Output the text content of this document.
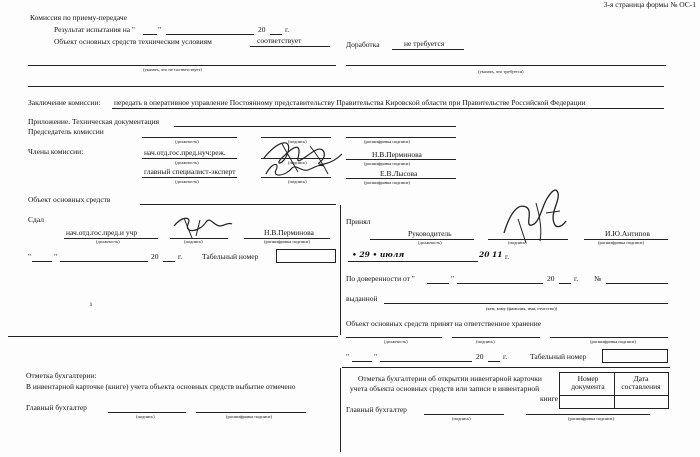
3-я страница формы № ОС-1
Комиссия по приему-передаче
Результат испытания на "	"	20	г.
Объект основных средств техническим условиям	соответствует	Доработка	не требуется
(указать, что не соответствует)	(указать, что требуется)
Заключение комиссии: передать в оперативное управление Постоянному представительству Правительства Кировской области при Правительстве Российской Федерации
Приложение. Техническая документация
Председатель комиссии
(должность)	(подпись)	(расшифровка подписи)
Члены комиссии:	нач.отд.гос.пред.нуч:реж.	Н.В.Перминова
(должность)	(подпись)	(расшифровка подписи)
главный специалист-эксперт	Е.В.Лысова
(должность)	(подпись)	(расшифровка подписи)
Объект основных средств
Сдал
нач.отд.гос.пред.и учр	Н.В.Перминова
(должность)	(подпись)	(расшифровка подписи)
"	"	20	г.	Табельный номер
ı
Принял
Руководитель	И.Ю.Антипов
(должность)	(подпись)	(расшифровка подписи)
• 29 • июля	20 11 г.
По доверенности от "	"	20	г. №
выданной
(кем, кому (фамилия, имя, отчество))
Объект основных средств принят на ответственное хранение
(должность)	(подпись)	(расшифровка подписи)
"	"	20	г.	Табельный номер
Отметка бухгалтерии:
В инвентарной карточке (книге) учета объекта основных средств выбытие отмечено
Главный бухгалтер
(подпись)	(расшифровка подписи)
Отметка бухгалтерии об открытии инвентарной карточки
учета объекта основных средств или записи в инвентарной
книге
Номер документа
Дата составления
Главный бухгалтер
(подпись)	(расшифровка подписи)
